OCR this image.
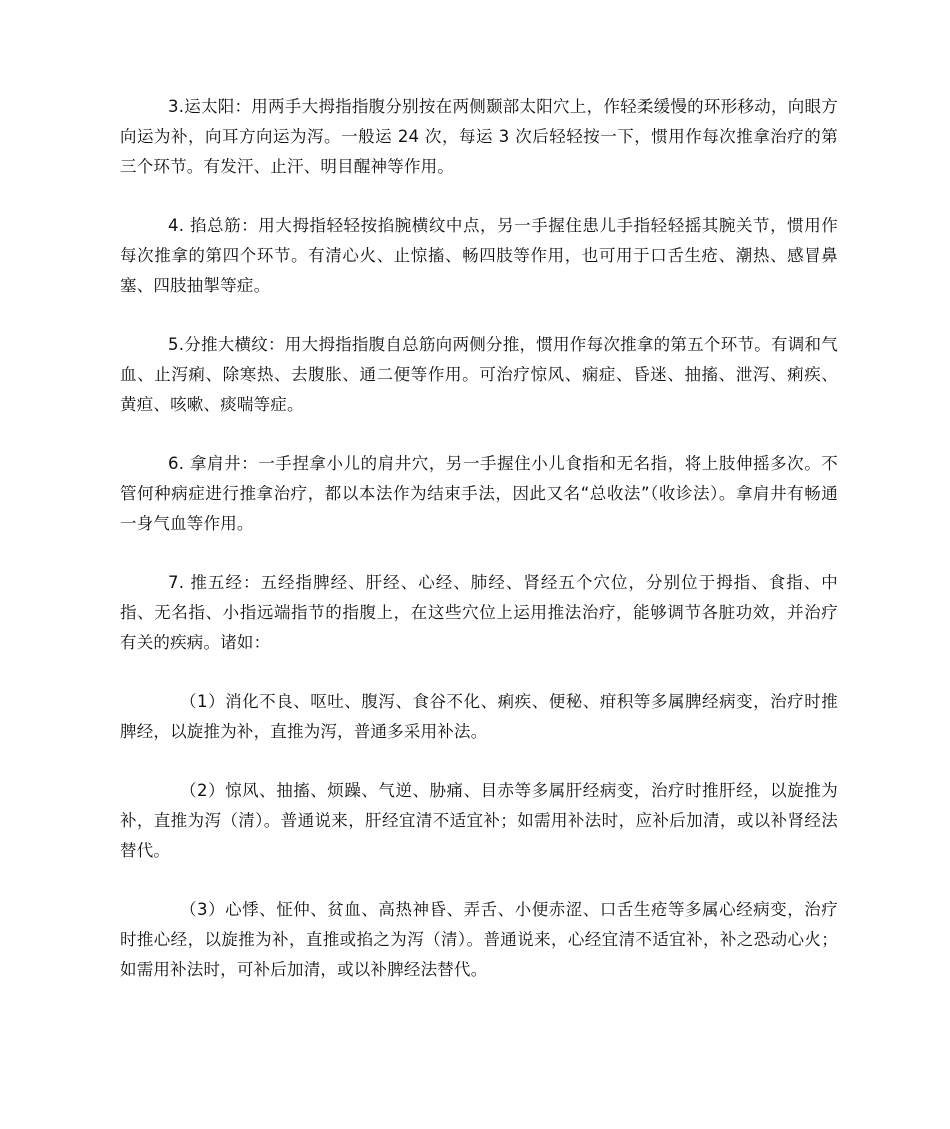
3.运太阳：用两手大拇指指腹分别按在两侧颞部太阳穴上，作轻柔缓慢的环形移动，向眼方向运为补，向耳方向运为泻。一般运 24 次，每运 3 次后轻轻按一下，惯用作每次推拿治疗的第三个环节。有发汗、止汗、明目醒神等作用。

4. 掐总筋：用大拇指轻轻按掐腕横纹中点，另一手握住患儿手指轻轻摇其腕关节，惯用作每次推拿的第四个环节。有清心火、止惊搐、畅四肢等作用，也可用于口舌生疮、潮热、感冒鼻塞、四肢抽掣等症。

5.分推大横纹：用大拇指指腹自总筋向两侧分推，惯用作每次推拿的第五个环节。有调和气血、止泻痢、除寒热、去腹胀、通二便等作用。可治疗惊风、痫症、昏迷、抽搐、泄泻、痢疾、黄疸、咳嗽、痰喘等症。

6. 拿肩井：一手捏拿小儿的肩井穴，另一手握住小儿食指和无名指，将上肢伸摇多次。不管何种病症进行推拿治疗，都以本法作为结束手法，因此又名“总收法”（收诊法）。拿肩井有畅通一身气血等作用。

7. 推五经：五经指脾经、肝经、心经、肺经、肾经五个穴位，分别位于拇指、食指、中指、无名指、小指远端指节的指腹上，在这些穴位上运用推法治疗，能够调节各脏功效，并治疗有关的疾病。诸如：

（1）消化不良、呕吐、腹泻、食谷不化、痢疾、便秘、疳积等多属脾经病变，治疗时推脾经，以旋推为补，直推为泻，普通多采用补法。

（2）惊风、抽搐、烦躁、气逆、胁痛、目赤等多属肝经病变，治疗时推肝经，以旋推为补，直推为泻（清）。普通说来，肝经宜清不适宜补；如需用补法时，应补后加清，或以补肾经法替代。

（3）心悸、怔仲、贫血、高热神昏、弄舌、小便赤涩、口舌生疮等多属心经病变，治疗时推心经，以旋推为补，直推或掐之为泻（清）。普通说来，心经宜清不适宜补，补之恐动心火；如需用补法时，可补后加清，或以补脾经法替代。
